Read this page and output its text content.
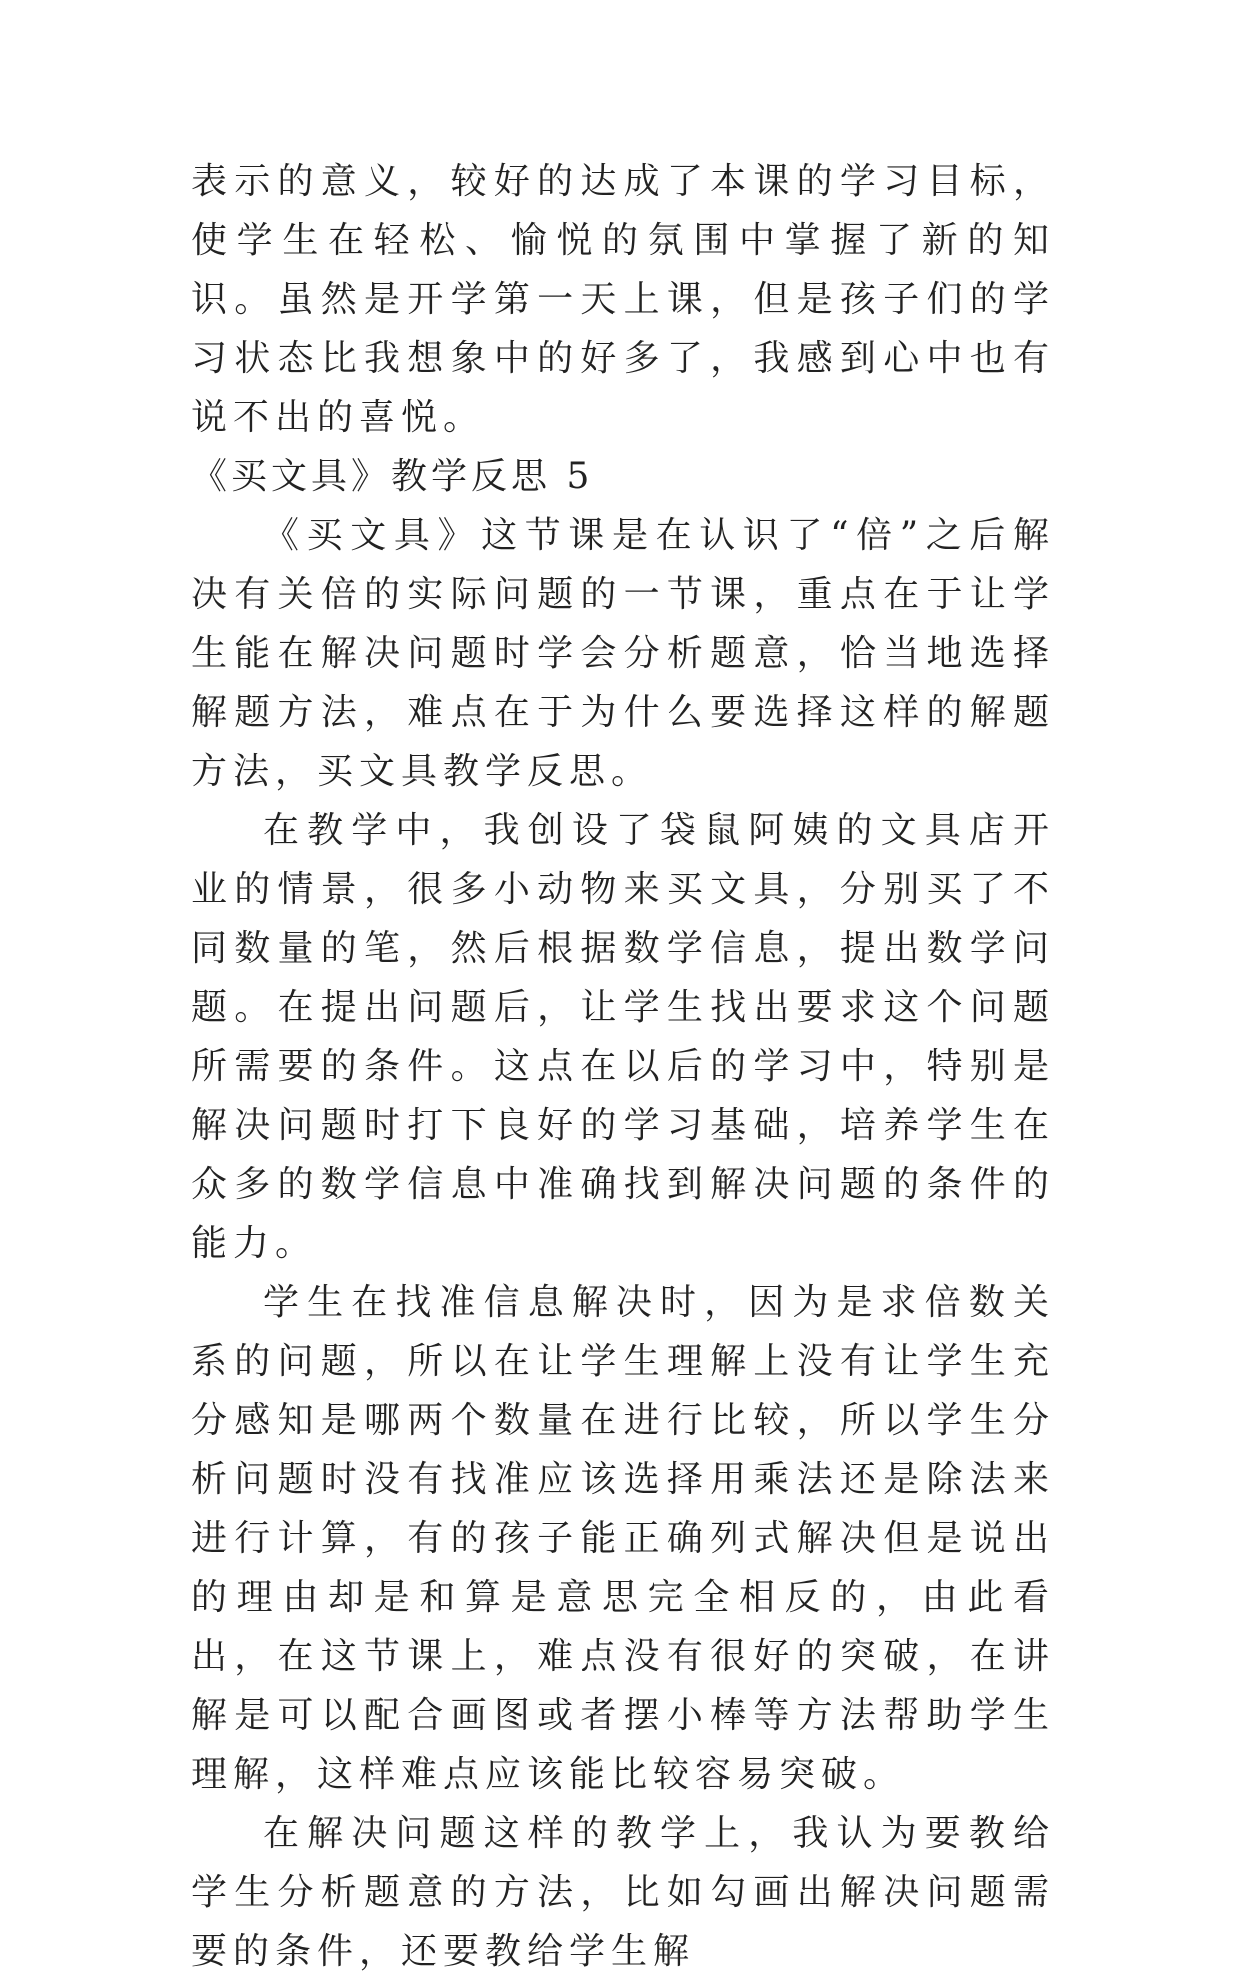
表示的意义，较好的达成了本课的学习目标，使学生在轻松、愉悦的氛围中掌握了新的知识。虽然是开学第一天上课，但是孩子们的学习状态比我想象中的好多了，我感到心中也有说不出的喜悦。

《买文具》教学反思 5

《买文具》这节课是在认识了“倍”之后解决有关倍的实际问题的一节课，重点在于让学生能在解决问题时学会分析题意，恰当地选择解题方法，难点在于为什么要选择这样的解题方法，买文具教学反思。

在教学中，我创设了袋鼠阿姨的文具店开业的情景，很多小动物来买文具，分别买了不同数量的笔，然后根据数学信息，提出数学问题。在提出问题后，让学生找出要求这个问题所需要的条件。这点在以后的学习中，特别是解决问题时打下良好的学习基础，培养学生在众多的数学信息中准确找到解决问题的条件的能力。

学生在找准信息解决时，因为是求倍数关系的问题，所以在让学生理解上没有让学生充分感知是哪两个数量在进行比较，所以学生分析问题时没有找准应该选择用乘法还是除法来进行计算，有的孩子能正确列式解决但是说出的理由却是和算是意思完全相反的，由此看出，在这节课上，难点没有很好的突破，在讲解是可以配合画图或者摆小棒等方法帮助学生理解，这样难点应该能比较容易突破。

在解决问题这样的教学上，我认为要教给学生分析题意的方法，比如勾画出解决问题需要的条件，还要教给学生解
